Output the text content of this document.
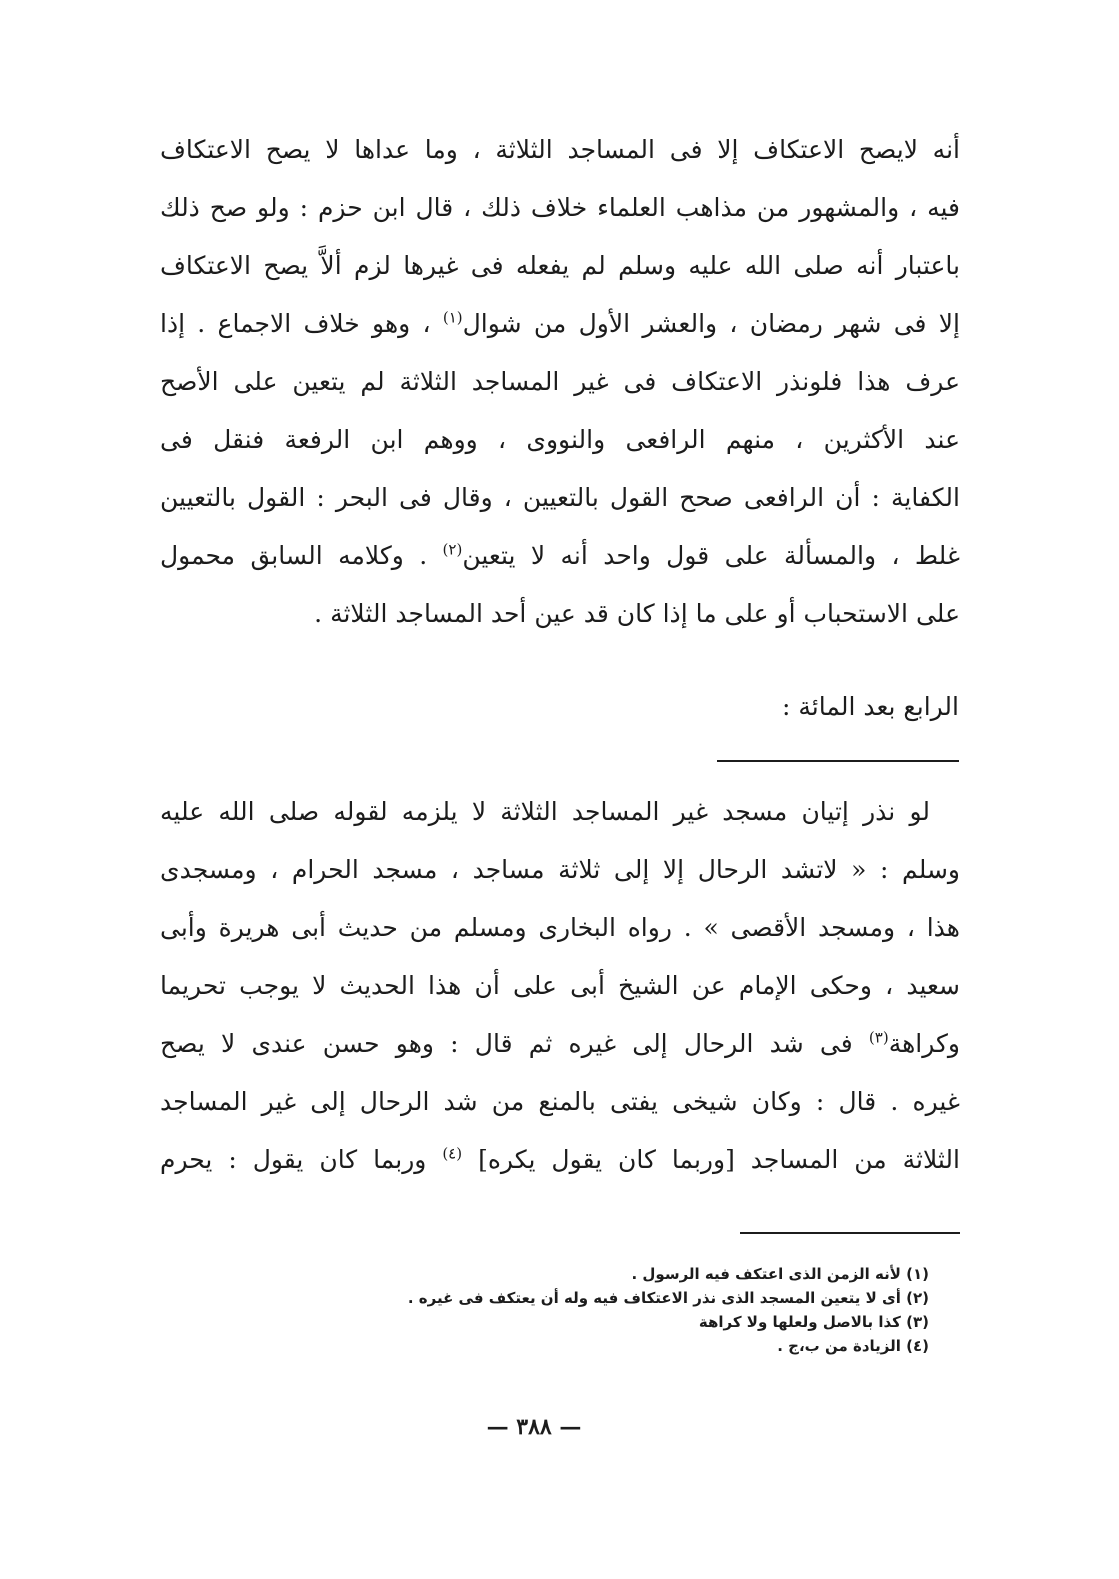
أنه لايصح الاعتكاف إلا فى المساجد الثلاثة ، وما عداها لا يصح الاعتكاف
فيه ، والمشهور من مذاهب العلماء خلاف ذلك ، قال ابن حزم : ولو صح ذلك
باعتبار أنه صلى الله عليه وسلم لم يفعله فى غيرها لزم ألاَّ يصح الاعتكاف
إلا فى شهر رمضان ، والعشر الأول من شوال$^{(١)}$ ، وهو خلاف الاجماع . إذا
عرف هذا فلونذر الاعتكاف فى غير المساجد الثلاثة لم يتعين على الأصح
عند الأكثرين ، منهم الرافعى والنووى ، ووهم ابن الرفعة فنقل فى
الكفاية : أن الرافعى صحح القول بالتعيين ، وقال فى البحر : القول بالتعيين
غلط ، والمسألة على قول واحد أنه لا يتعين$^{(٢)}$ . وكلامه السابق محمول
على الاستحباب أو على ما إذا كان قد عين أحد المساجد الثلاثة .
الرابع بعد المائة :
لو نذر إتيان مسجد غير المساجد الثلاثة لا يلزمه لقوله صلى الله عليه
وسلم : « لاتشد الرحال إلا إلى ثلاثة مساجد ، مسجد الحرام ، ومسجدى
هذا ، ومسجد الأقصى » . رواه البخارى ومسلم من حديث أبى هريرة وأبى
سعيد ، وحكى الإمام عن الشيخ أبى على أن هذا الحديث لا يوجب تحريما
وكراهة$^{(٣)}$ فى شد الرحال إلى غيره ثم قال : وهو حسن عندى لا يصح
غيره . قال : وكان شيخى يفتى بالمنع من شد الرحال إلى غير المساجد
الثلاثة من المساجد [وربما كان يقول يكره] $^{(٤)}$ وربما كان يقول : يحرم
(١) لأنه الزمن الذى اعتكف فيه الرسول .
(٢) أى لا يتعين المسجد الذى نذر الاعتكاف فيه وله أن يعتكف فى غيره .
(٣) كذا بالاصل ولعلها ولا كراهة
(٤) الزيادة من ب،ج .
— ٣٨٨ —
